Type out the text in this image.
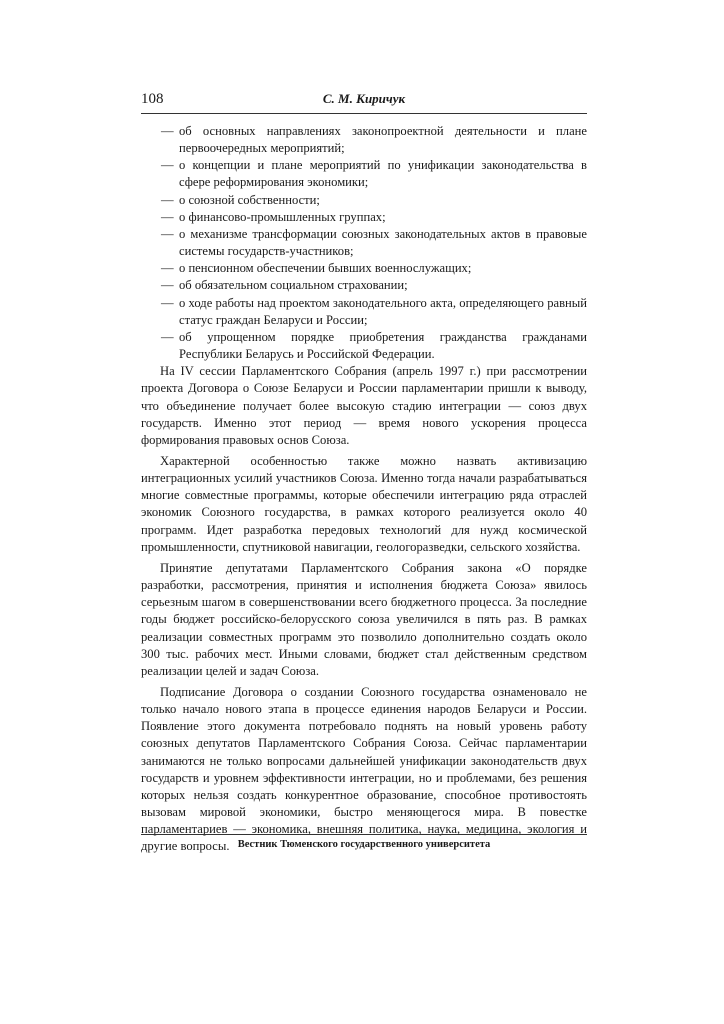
108	С. М. Киричук
— об основных направлениях законопроектной деятельности и плане первоочередных мероприятий;
— о концепции и плане мероприятий по унификации законодательства в сфере реформирования экономики;
— о союзной собственности;
— о финансово-промышленных группах;
— о механизме трансформации союзных законодательных актов в правовые системы государств-участников;
— о пенсионном обеспечении бывших военнослужащих;
— об обязательном социальном страховании;
— о ходе работы над проектом законодательного акта, определяющего равный статус граждан Беларуси и России;
— об упрощенном порядке приобретения гражданства гражданами Республики Беларусь и Российской Федерации.

На IV сессии Парламентского Собрания (апрель 1997 г.) при рассмотрении проекта Договора о Союзе Беларуси и России парламентарии пришли к выводу, что объединение получает более высокую стадию интеграции — союз двух государств. Именно этот период — время нового ускорения процесса формирования правовых основ Союза.

Характерной особенностью также можно назвать активизацию интеграционных усилий участников Союза. Именно тогда начали разрабатываться многие совместные программы, которые обеспечили интеграцию ряда отраслей экономик Союзного государства, в рамках которого реализуется около 40 программ. Идет разработка передовых технологий для нужд космической промышленности, спутниковой навигации, геологоразведки, сельского хозяйства.

Принятие депутатами Парламентского Собрания закона «О порядке разработки, рассмотрения, принятия и исполнения бюджета Союза» явилось серьезным шагом в совершенствовании всего бюджетного процесса. За последние годы бюджет российско-белорусского союза увеличился в пять раз. В рамках реализации совместных программ это позволило дополнительно создать около 300 тыс. рабочих мест. Иными словами, бюджет стал действенным средством реализации целей и задач Союза.

Подписание Договора о создании Союзного государства ознаменовало не только начало нового этапа в процессе единения народов Беларуси и России. Появление этого документа потребовало поднять на новый уровень работу союзных депутатов Парламентского Собрания Союза. Сейчас парламентарии занимаются не только вопросами дальнейшей унификации законодательств двух государств и уровнем эффективности интеграции, но и проблемами, без решения которых нельзя создать конкурентное образование, способное противостоять вызовам мировой экономики, быстро меняющегося мира. В повестке парламентариев — экономика, внешняя политика, наука, медицина, экология и другие вопросы. Вестник Тюменского государственного университета
